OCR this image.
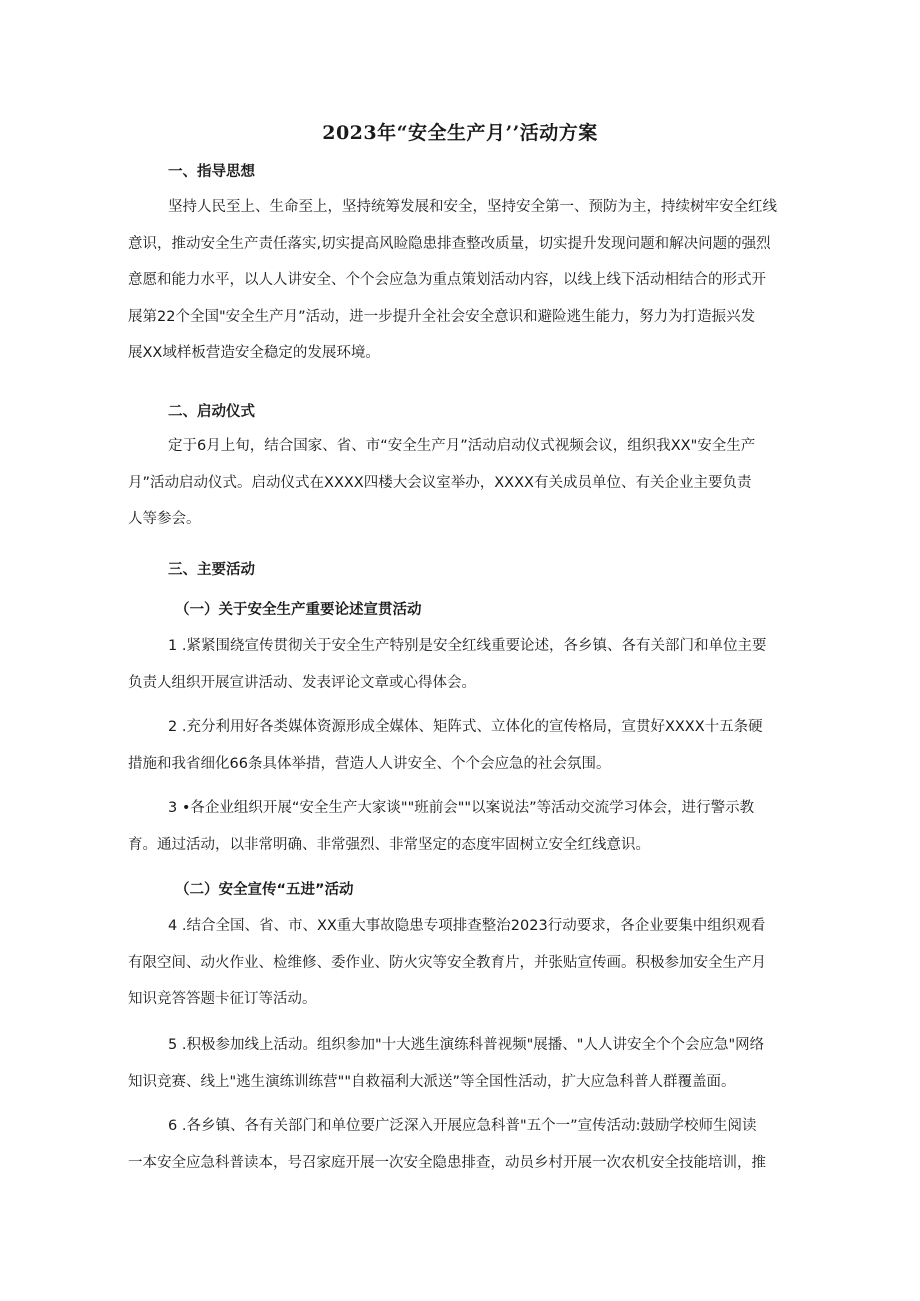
2023年“安全生产月’’活动方案
一、指导思想
坚持人民至上、生命至上，坚持统筹发展和安全，坚持安全第一、预防为主，持续树牢安全红线
意识，推动安全生产责任落实,切实提高风睑隐患排查整改质量，切实提升发现问题和解决问题的强烈
意愿和能力水平，以人人讲安全、个个会应急为重点策划活动内容，以线上线下活动相结合的形式开
展第22个全国"安全生产月”活动，进一步提升全社会安全意识和避险逃生能力，努力为打造振兴发
展XX域样板营造安全稳定的发展环境。
二、启动仪式
定于6月上旬，结合国家、省、市“安全生产月”活动启动仪式视频会议，组织我XX"安全生产
月”活动启动仪式。启动仪式在XXXX四楼大会议室举办，XXXX有关成员单位、有关企业主要负责
人等参会。
三、主要活动
（一）关于安全生产重要论述宣贯活动
1 .紧紧围绕宣传贯彻关于安全生产特别是安全红线重要论述，各乡镇、各有关部门和单位主要
负责人组织开展宣讲活动、发表评论文章或心得体会。
2 .充分利用好各类媒体资源形成全媒体、矩阵式、立体化的宣传格局，宣贯好XXXX十五条硬
措施和我省细化66条具体举措，营造人人讲安全、个个会应急的社会氛围。
3 •各企业组织开展“安全生产大家谈""班前会""以案说法”等活动交流学习体会，进行警示教
育。通过活动，以非常明确、非常强烈、非常坚定的态度牢固树立安全红线意识。
（二）安全宣传“五进”活动
4 .结合全国、省、市、XX重大事故隐患专项排查整治2023行动要求，各企业要集中组织观看
有限空间、动火作业、检维修、委作业、防火灾等安全教育片，并张贴宣传画。积极参加安全生产月
知识竞答答题卡征订等活动。
5 .积极参加线上活动。组织参加"十大逃生演练科普视频"展播、"人人讲安全个个会应急"网络
知识竞赛、线上"逃生演练训练营""自救福利大派送”等全国性活动，扩大应急科普人群覆盖面。
6 .各乡镇、各有关部门和单位要广泛深入开展应急科普"五个一”宣传活动:鼓励学校师生阅读
一本安全应急科普读本，号召家庭开展一次安全隐患排查，动员乡村开展一次农机安全技能培训，推
